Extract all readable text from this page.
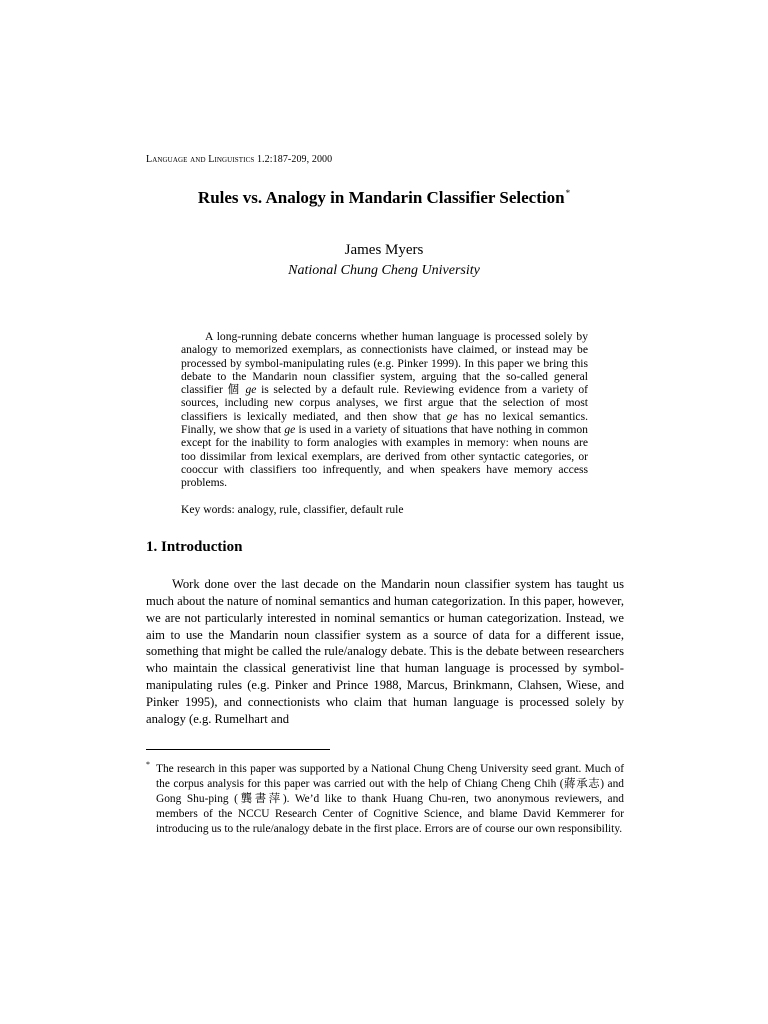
Language and Linguistics 1.2:187-209, 2000
Rules vs. Analogy in Mandarin Classifier Selection*
James Myers
National Chung Cheng University
A long-running debate concerns whether human language is processed solely by analogy to memorized exemplars, as connectionists have claimed, or instead may be processed by symbol-manipulating rules (e.g. Pinker 1999). In this paper we bring this debate to the Mandarin noun classifier system, arguing that the so-called general classifier 個 ge is selected by a default rule. Reviewing evidence from a variety of sources, including new corpus analyses, we first argue that the selection of most classifiers is lexically mediated, and then show that ge has no lexical semantics. Finally, we show that ge is used in a variety of situations that have nothing in common except for the inability to form analogies with examples in memory: when nouns are too dissimilar from lexical exemplars, are derived from other syntactic categories, or cooccur with classifiers too infrequently, and when speakers have memory access problems.
Key words: analogy, rule, classifier, default rule
1. Introduction
Work done over the last decade on the Mandarin noun classifier system has taught us much about the nature of nominal semantics and human categorization. In this paper, however, we are not particularly interested in nominal semantics or human categorization. Instead, we aim to use the Mandarin noun classifier system as a source of data for a different issue, something that might be called the rule/analogy debate. This is the debate between researchers who maintain the classical generativist line that human language is processed by symbol-manipulating rules (e.g. Pinker and Prince 1988, Marcus, Brinkmann, Clahsen, Wiese, and Pinker 1995), and connectionists who claim that human language is processed solely by analogy (e.g. Rumelhart and
* The research in this paper was supported by a National Chung Cheng University seed grant. Much of the corpus analysis for this paper was carried out with the help of Chiang Cheng Chih (蔣承志) and Gong Shu-ping (龔書萍). We’d like to thank Huang Chu-ren, two anonymous reviewers, and members of the NCCU Research Center of Cognitive Science, and blame David Kemmerer for introducing us to the rule/analogy debate in the first place. Errors are of course our own responsibility.
